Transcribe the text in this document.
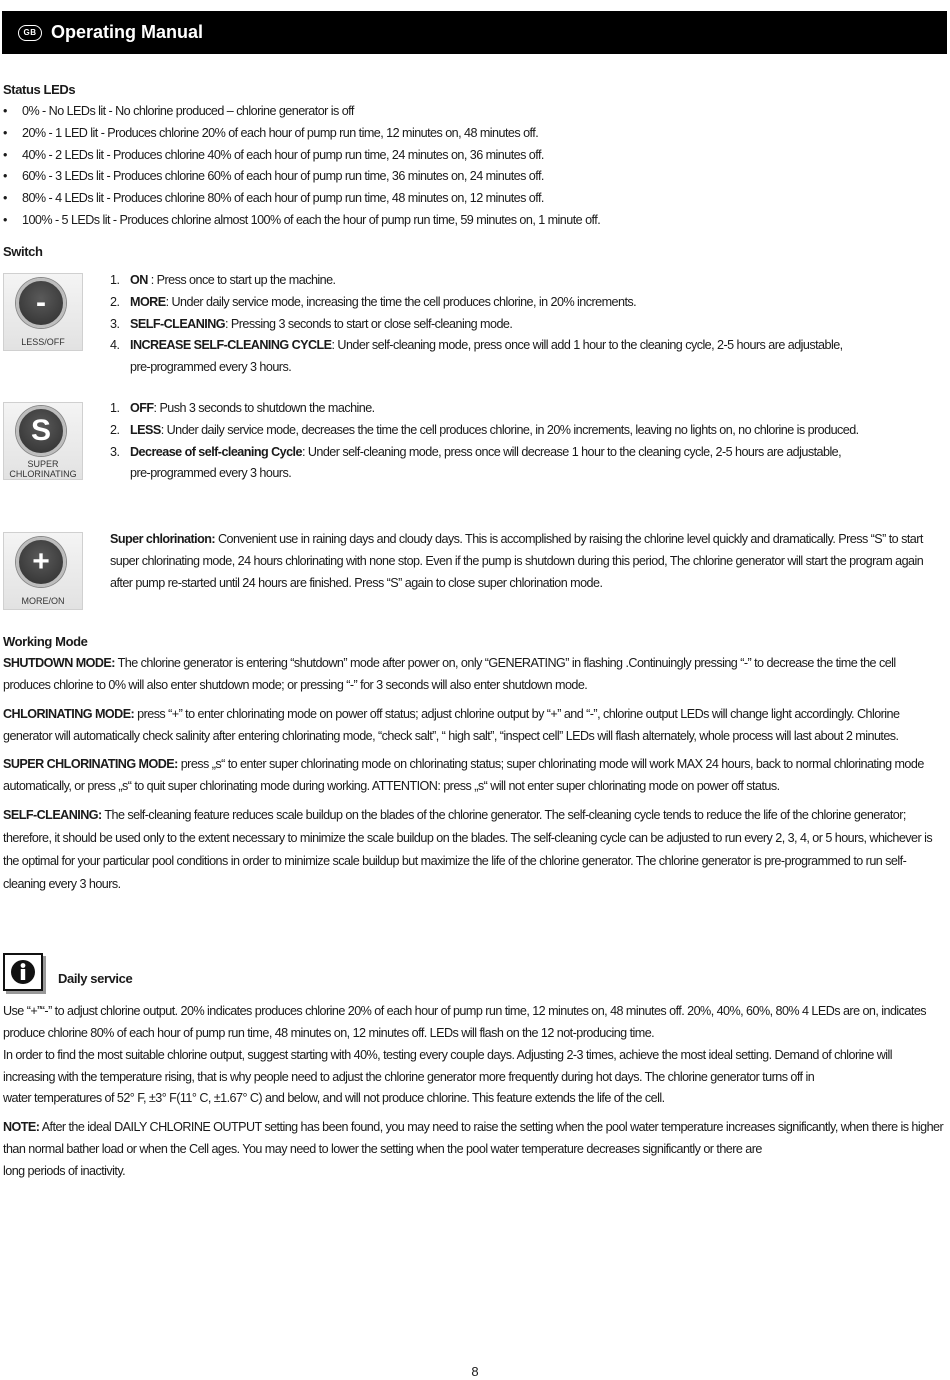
GB Operating Manual
Status LEDs
• 0% - No LEDs lit - No chlorine produced – chlorine generator is off
• 20% - 1 LED lit - Produces chlorine 20% of each hour of pump run time, 12 minutes on, 48 minutes off.
• 40% - 2 LEDs lit - Produces chlorine 40% of each hour of pump run time, 24 minutes on, 36 minutes off.
• 60% - 3 LEDs lit - Produces chlorine 60% of each hour of pump run time, 36 minutes on, 24 minutes off.
• 80% - 4 LEDs lit - Produces chlorine 80% of each hour of pump run time, 48 minutes on, 12 minutes off.
• 100% - 5 LEDs lit - Produces chlorine almost 100% of each the hour of pump run time, 59 minutes on, 1 minute off.
Switch
-
LESS/OFF
1. ON : Press once to start up the machine.
2. MORE: Under daily service mode, increasing the time the cell produces chlorine, in 20% increments.
3. SELF-CLEANING: Pressing 3 seconds to start or close self-cleaning mode.
4. INCREASE SELF-CLEANING CYCLE: Under self-cleaning mode, press once will add 1 hour to the cleaning cycle, 2-5 hours are adjustable,
pre-programmed every 3 hours.
S
SUPER
CHLORINATING
1. OFF: Push 3 seconds to shutdown the machine.
2. LESS: Under daily service mode, decreases the time the cell produces chlorine, in 20% increments, leaving no lights on, no chlorine is produced.
3. Decrease of self-cleaning Cycle: Under self-cleaning mode, press once will decrease 1 hour to the cleaning cycle, 2-5 hours are adjustable,
pre-programmed every 3 hours.
+
MORE/ON
Super chlorination: Convenient use in raining days and cloudy days. This is accomplished by raising the chlorine level quickly and dramatically. Press “S” to start super chlorinating mode, 24 hours chlorinating with none stop. Even if the pump is shutdown during this period, The chlorine generator will start the program again after pump re-started until 24 hours are finished. Press “S” again to close super chlorination mode.
Working Mode
SHUTDOWN MODE: The chlorine generator is entering “shutdown” mode after power on, only “GENERATING” in flashing .Continuingly pressing “-” to decrease the time the cell produces chlorine to 0% will also enter shutdown mode; or pressing “-” for 3 seconds will also enter shutdown mode.
CHLORINATING MODE: press “+” to enter chlorinating mode on power off status; adjust chlorine output by “+” and “-”, chlorine output LEDs will change light accordingly. Chlorine generator will automatically check salinity after entering chlorinating mode, “check salt”, “ high salt”, “inspect cell” LEDs will flash alternately, whole process will last about 2 minutes.
SUPER CHLORINATING MODE: press „s“ to enter super chlorinating mode on chlorinating status; super chlorinating mode will work MAX 24 hours, back to normal chlorinating mode automatically, or press „s“ to quit super chlorinating mode during working. ATTENTION: press „s“ will not enter super chlorinating mode on power off status.
SELF-CLEANING: The self-cleaning feature reduces scale buildup on the blades of the chlorine generator. The self-cleaning cycle tends to reduce the life of the chlorine generator; therefore, it should be used only to the extent necessary to minimize the scale buildup on the blades. The self-cleaning cycle can be adjusted to run every 2, 3, 4, or 5 hours, whichever is the optimal for your particular pool conditions in order to minimize scale buildup but maximize the life of the chlorine generator. The chlorine generator is pre-programmed to run self-cleaning every 3 hours.
Daily service
Use “+”“-” to adjust chlorine output. 20% indicates produces chlorine 20% of each hour of pump run time, 12 minutes on, 48 minutes off. 20%, 40%, 60%, 80% 4 LEDs are on, indicates produce chlorine 80% of each hour of pump run time, 48 minutes on, 12 minutes off. LEDs will flash on the 12 not-producing time.
In order to find the most suitable chlorine output, suggest starting with 40%, testing every couple days. Adjusting 2-3 times, achieve the most ideal setting. Demand of chlorine will increasing with the temperature rising, that is why people need to adjust the chlorine generator more frequently during hot days. The chlorine generator turns off in
water temperatures of 52° F, ±3° F(11° C, ±1.67° C) and below, and will not produce chlorine. This feature extends the life of the cell.
NOTE: After the ideal DAILY CHLORINE OUTPUT setting has been found, you may need to raise the setting when the pool water temperature increases significantly, when there is higher than normal bather load or when the Cell ages. You may need to lower the setting when the pool water temperature decreases significantly or there are
long periods of inactivity.
8
